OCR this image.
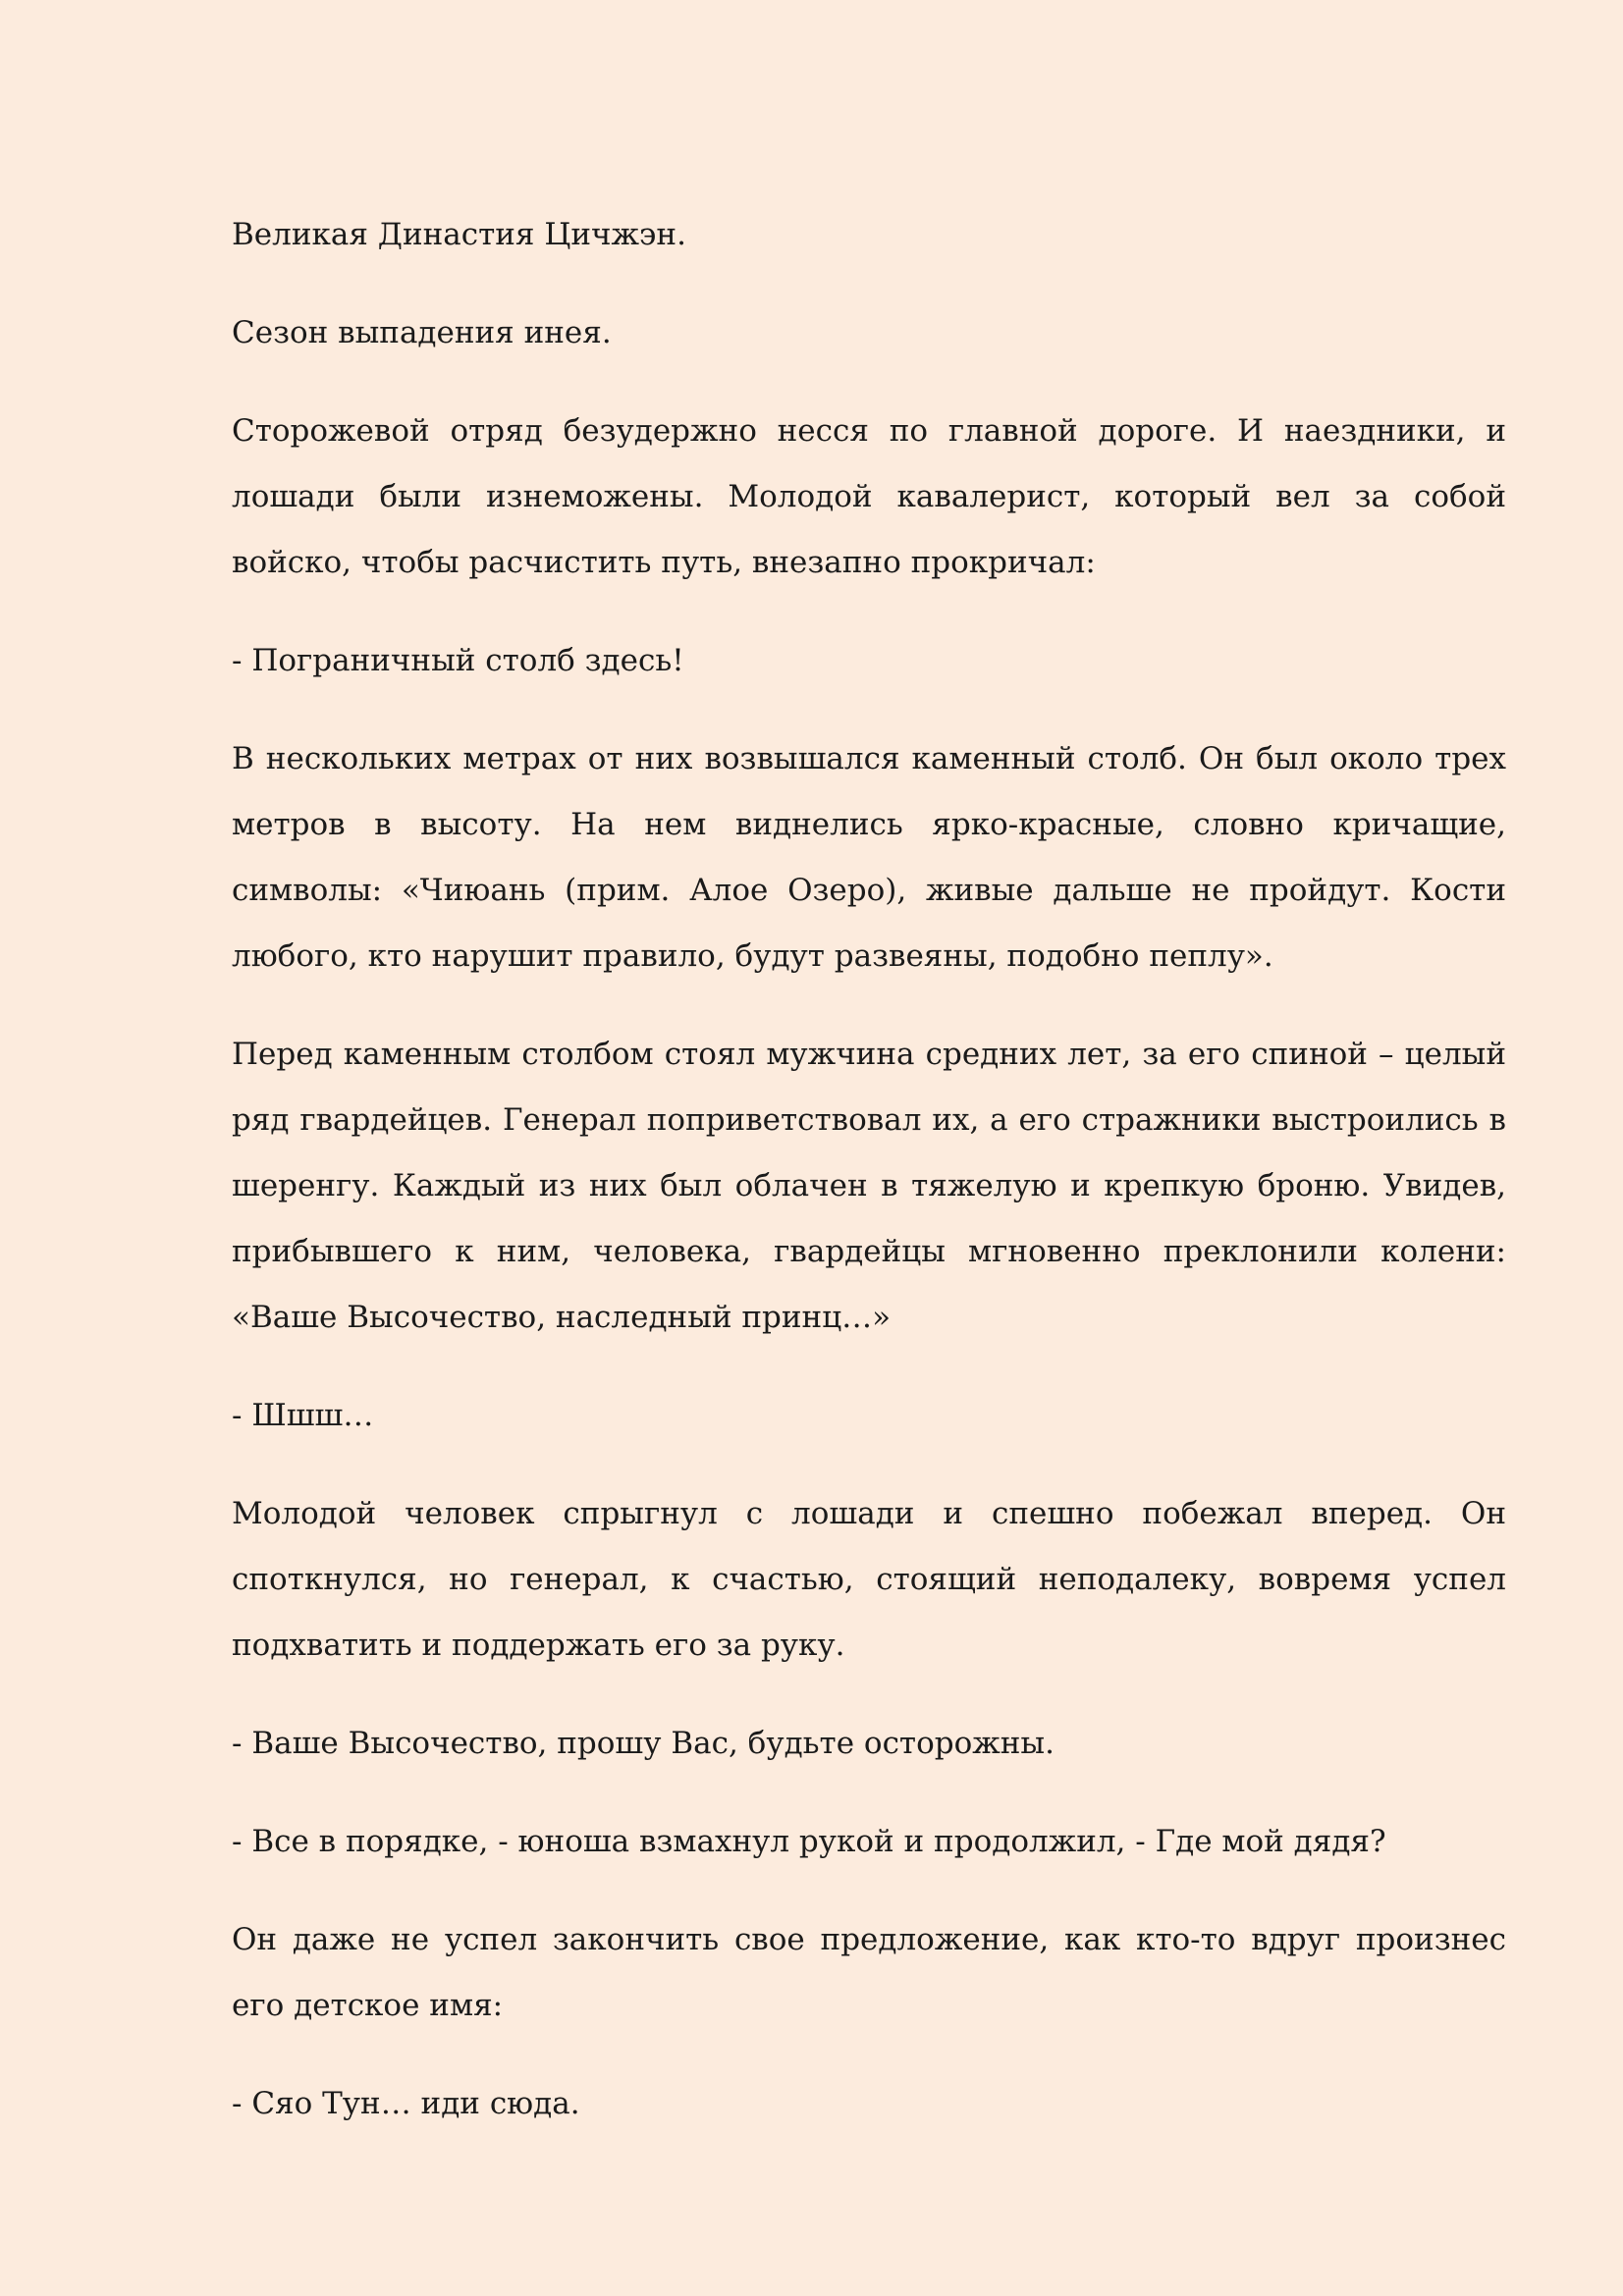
Великая Династия Цичжэн.

Сезон выпадения инея.

Сторожевой отряд безудержно несся по главной дороге. И наездники, и лошади были изнеможены. Молодой кавалерист, который вел за собой войско, чтобы расчистить путь, внезапно прокричал:

- Пограничный столб здесь!

В нескольких метрах от них возвышался каменный столб. Он был около трех метров в высоту. На нем виднелись ярко-красные, словно кричащие, символы: «Чиюань (прим. Алое Озеро), живые дальше не пройдут. Кости любого, кто нарушит правило, будут развеяны, подобно пеплу».

Перед каменным столбом стоял мужчина средних лет, за его спиной – целый ряд гвардейцев. Генерал поприветствовал их, а его стражники выстроились в шеренгу. Каждый из них был облачен в тяжелую и крепкую броню. Увидев, прибывшего к ним, человека, гвардейцы мгновенно преклонили колени: «Ваше Высочество, наследный принц…»

- Шшш…

Молодой человек спрыгнул с лошади и спешно побежал вперед. Он споткнулся, но генерал, к счастью, стоящий неподалеку, вовремя успел подхватить и поддержать его за руку.

- Ваше Высочество, прошу Вас, будьте осторожны.

- Все в порядке, - юноша взмахнул рукой и продолжил, - Где мой дядя?

Он даже не успел закончить свое предложение, как кто-то вдруг произнес его детское имя:

- Сяо Тун… иди сюда.
